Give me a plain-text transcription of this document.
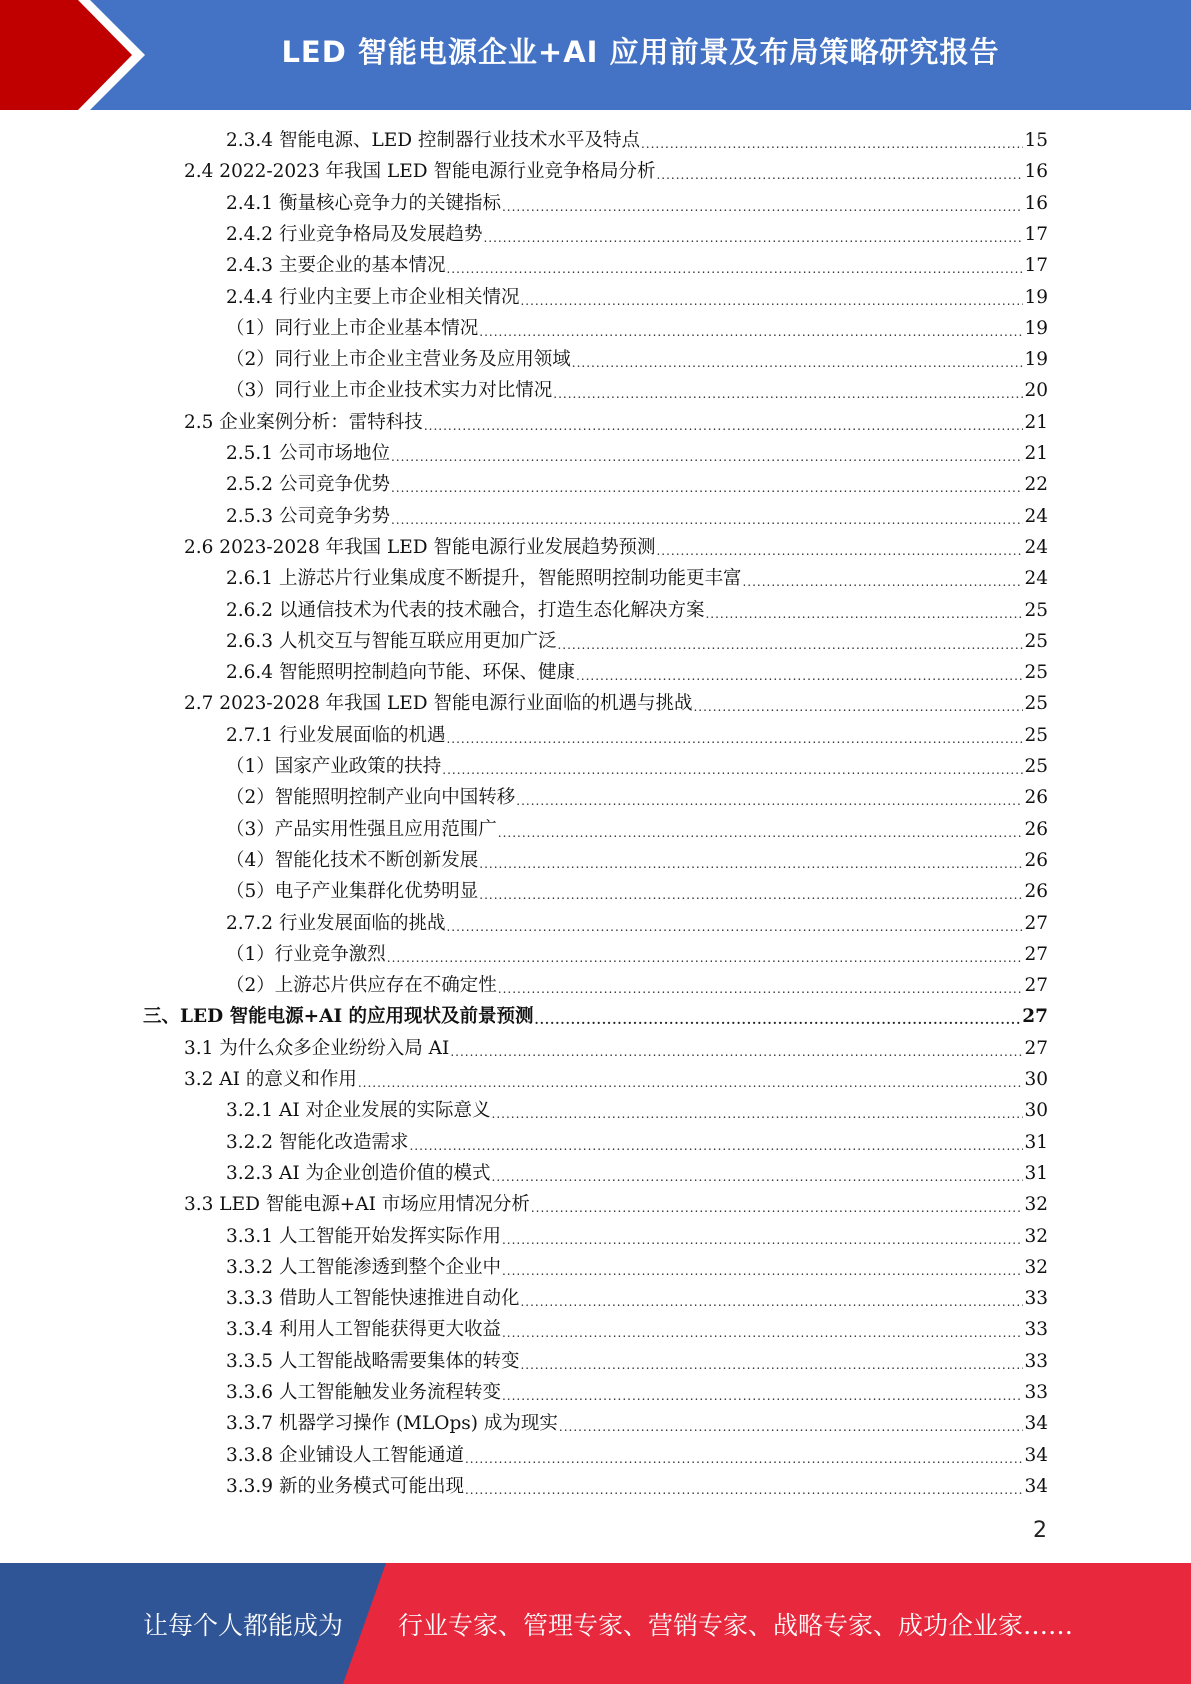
LED 智能电源企业+AI 应用前景及布局策略研究报告
2.3.4 智能电源、LED 控制器行业技术水平及特点 .....	15
2.4 2022-2023 年我国 LED 智能电源行业竞争格局分析 .....	16
2.4.1 衡量核心竞争力的关键指标 .....	16
2.4.2 行业竞争格局及发展趋势 .....	17
2.4.3 主要企业的基本情况 .....	17
2.4.4 行业内主要上市企业相关情况 .....	19
（1）同行业上市企业基本情况 .....	19
（2）同行业上市企业主营业务及应用领域 .....	19
（3）同行业上市企业技术实力对比情况 .....	20
2.5 企业案例分析：雷特科技 .....	21
2.5.1 公司市场地位 .....	21
2.5.2 公司竞争优势 .....	22
2.5.3 公司竞争劣势 .....	24
2.6 2023-2028 年我国 LED 智能电源行业发展趋势预测 .....	24
2.6.1 上游芯片行业集成度不断提升，智能照明控制功能更丰富 .....	24
2.6.2 以通信技术为代表的技术融合，打造生态化解决方案 .....	25
2.6.3 人机交互与智能互联应用更加广泛 .....	25
2.6.4 智能照明控制趋向节能、环保、健康 .....	25
2.7 2023-2028 年我国 LED 智能电源行业面临的机遇与挑战 .....	25
2.7.1 行业发展面临的机遇 .....	25
（1）国家产业政策的扶持 .....	25
（2）智能照明控制产业向中国转移 .....	26
（3）产品实用性强且应用范围广 .....	26
（4）智能化技术不断创新发展 .....	26
（5）电子产业集群化优势明显 .....	26
2.7.2 行业发展面临的挑战 .....	27
（1）行业竞争激烈 .....	27
（2）上游芯片供应存在不确定性 .....	27
三、LED 智能电源+AI 的应用现状及前景预测 .....	27
3.1 为什么众多企业纷纷入局 AI .....	27
3.2 AI 的意义和作用 .....	30
3.2.1 AI 对企业发展的实际意义 .....	30
3.2.2 智能化改造需求 .....	31
3.2.3 AI 为企业创造价值的模式 .....	31
3.3 LED 智能电源+AI 市场应用情况分析 .....	32
3.3.1 人工智能开始发挥实际作用 .....	32
3.3.2 人工智能渗透到整个企业中 .....	32
3.3.3 借助人工智能快速推进自动化 .....	33
3.3.4 利用人工智能获得更大收益 .....	33
3.3.5 人工智能战略需要集体的转变 .....	33
3.3.6 人工智能触发业务流程转变 .....	33
3.3.7 机器学习操作 (MLOps) 成为现实 .....	34
3.3.8 企业铺设人工智能通道 .....	34
3.3.9 新的业务模式可能出现 .....	34
2
让每个人都能成为 行业专家、管理专家、营销专家、战略专家、成功企业家……
